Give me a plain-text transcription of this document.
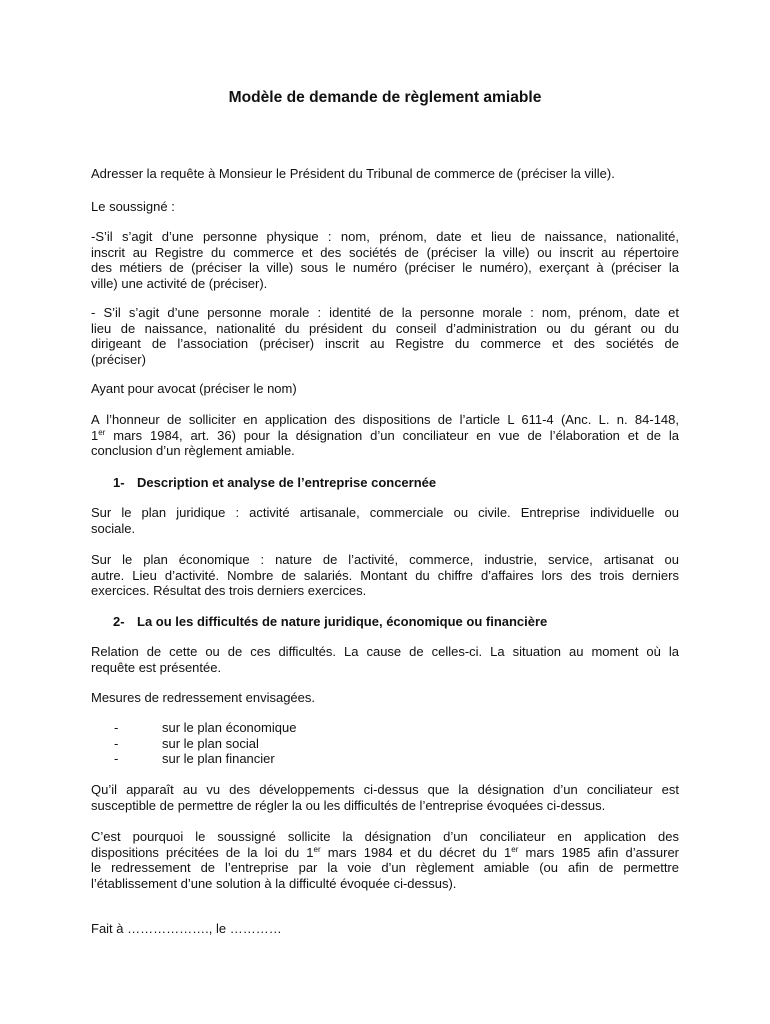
Modèle de demande de règlement amiable
Adresser la requête à Monsieur le Président du Tribunal de commerce de (préciser la ville).
Le soussigné :
-S’il s’agit d’une personne physique : nom, prénom, date et lieu de naissance, nationalité,
inscrit au Registre du commerce et des sociétés de (préciser la ville) ou inscrit au répertoire
des métiers de (préciser la ville) sous le numéro (préciser le numéro), exerçant à (préciser la
ville) une activité de (préciser).
- S’il s’agit d’une personne morale : identité de la personne morale : nom, prénom, date et
lieu de naissance, nationalité du président du conseil d’administration ou du gérant ou du
dirigeant de l’association (préciser) inscrit au Registre du commerce et des sociétés de
(préciser)
Ayant pour avocat (préciser le nom)
A l’honneur de solliciter en application des dispositions de l’article L 611-4 (Anc. L. n. 84-148,
1er mars 1984, art. 36) pour la désignation d’un conciliateur en vue de l’élaboration et de la
conclusion d’un règlement amiable.
1- Description et analyse de l’entreprise concernée
Sur le plan juridique : activité artisanale, commerciale ou civile. Entreprise individuelle ou
sociale.
Sur le plan économique : nature de l’activité, commerce, industrie, service, artisanat ou
autre. Lieu d’activité. Nombre de salariés. Montant du chiffre d’affaires lors des trois derniers
exercices. Résultat des trois derniers exercices.
2- La ou les difficultés de nature juridique, économique ou financière
Relation de cette ou de ces difficultés. La cause de celles-ci. La situation au moment où la
requête est présentée.
Mesures de redressement envisagées.
-	sur le plan économique
-	sur le plan social
-	sur le plan financier
Qu’il apparaît au vu des développements ci-dessus que la désignation d’un conciliateur est
susceptible de permettre de régler la ou les difficultés de l’entreprise évoquées ci-dessus.
C’est pourquoi le soussigné sollicite la désignation d’un conciliateur en application des
dispositions précitées de la loi du 1er mars 1984 et du décret du 1er mars 1985 afin d’assurer
le redressement de l’entreprise par la voie d’un règlement amiable (ou afin de permettre
l’établissement d’une solution à la difficulté évoquée ci-dessus).
Fait à ………………., le …………
